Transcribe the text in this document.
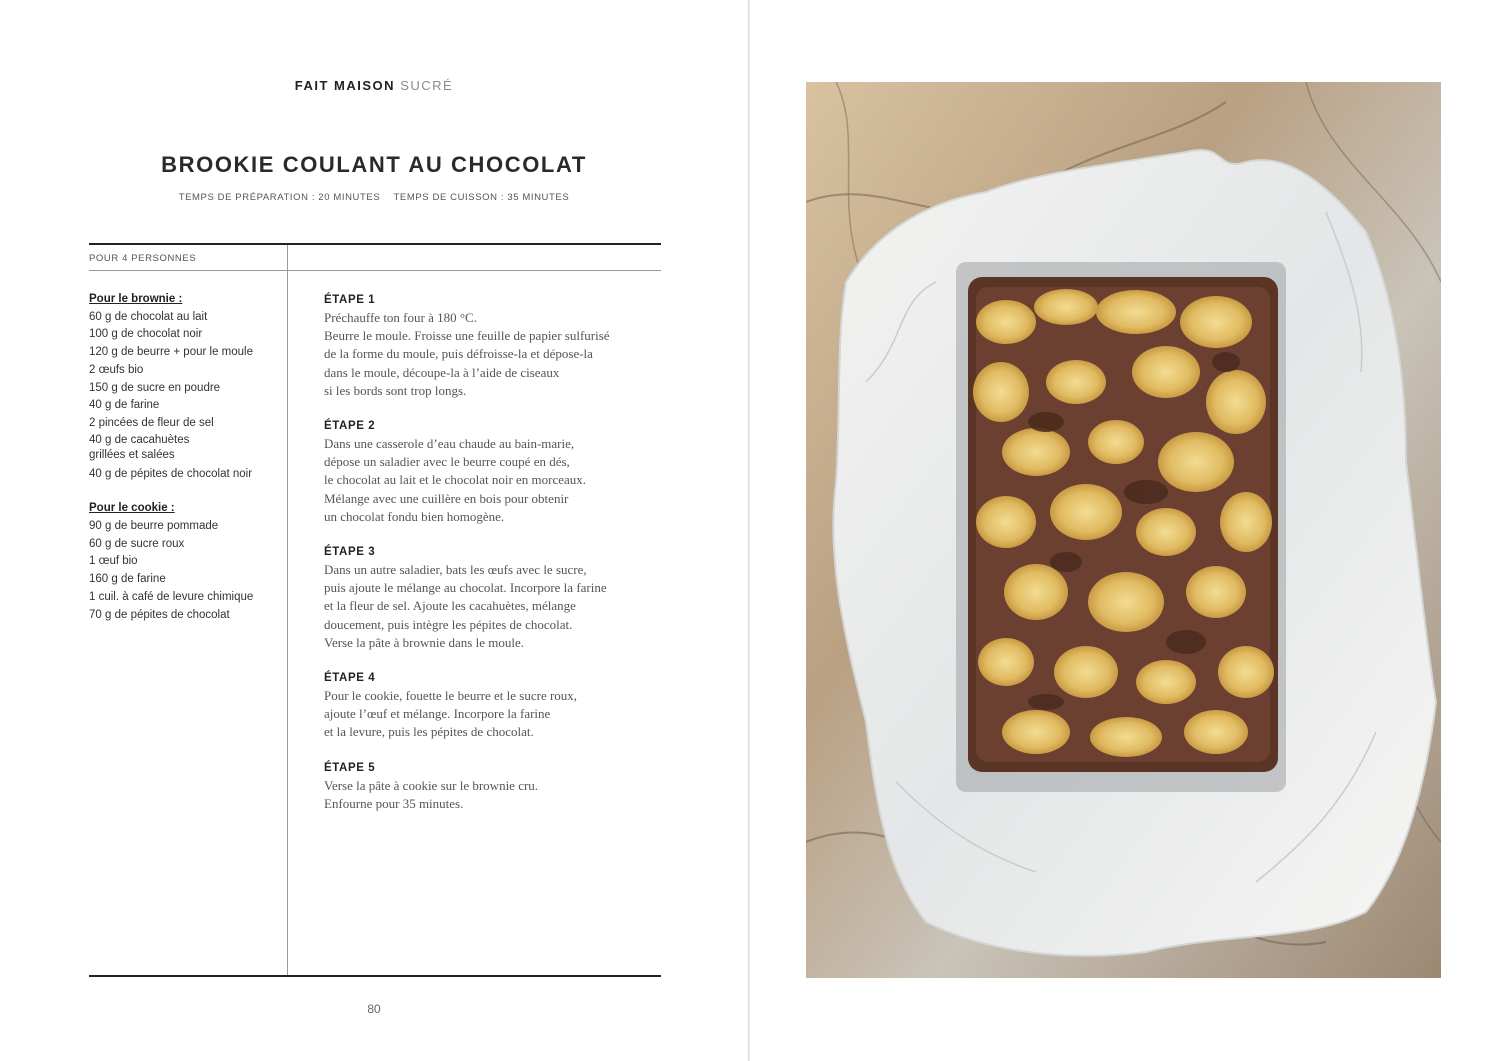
FAIT MAISON SUCRÉ
BROOKIE COULANT AU CHOCOLAT
TEMPS DE PRÉPARATION : 20 MINUTES TEMPS DE CUISSON : 35 MINUTES
POUR 4 PERSONNES
Pour le brownie :
60 g de chocolat au lait
100 g de chocolat noir
120 g de beurre + pour le moule
2 œufs bio
150 g de sucre en poudre
40 g de farine
2 pincées de fleur de sel
40 g de cacahuètes
grillées et salées
40 g de pépites de chocolat noir
Pour le cookie :
90 g de beurre pommade
60 g de sucre roux
1 œuf bio
160 g de farine
1 cuil. à café de levure chimique
70 g de pépites de chocolat
ÉTAPE 1
Préchauffe ton four à 180 °C.
Beurre le moule. Froisse une feuille de papier sulfurisé
de la forme du moule, puis défroisse-la et dépose-la
dans le moule, découpe-la à l’aide de ciseaux
si les bords sont trop longs.
ÉTAPE 2
Dans une casserole d’eau chaude au bain-marie,
dépose un saladier avec le beurre coupé en dés,
le chocolat au lait et le chocolat noir en morceaux.
Mélange avec une cuillère en bois pour obtenir
un chocolat fondu bien homogène.
ÉTAPE 3
Dans un autre saladier, bats les œufs avec le sucre,
puis ajoute le mélange au chocolat. Incorpore la farine
et la fleur de sel. Ajoute les cacahuètes, mélange
doucement, puis intègre les pépites de chocolat.
Verse la pâte à brownie dans le moule.
ÉTAPE 4
Pour le cookie, fouette le beurre et le sucre roux,
ajoute l’œuf et mélange. Incorpore la farine
et la levure, puis les pépites de chocolat.
ÉTAPE 5
Verse la pâte à cookie sur le brownie cru.
Enfourne pour 35 minutes.
80
